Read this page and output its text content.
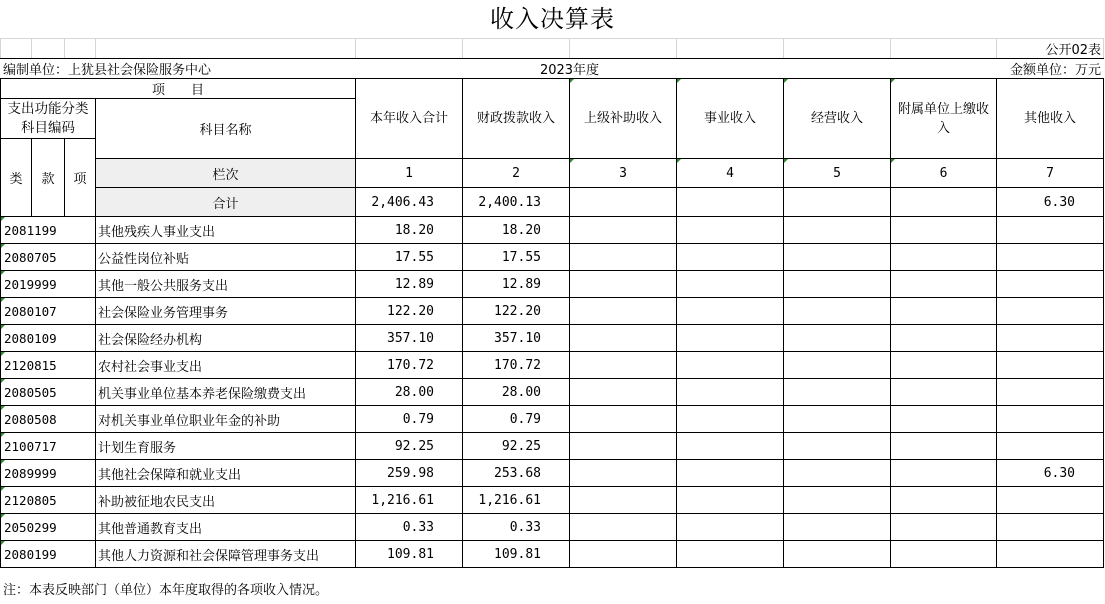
收入决算表
										公开02表
编制单位：上犹县社会保险服务中心					2023年度					金额单位：万元
项　　目				本年收入合计	财政拨款收入	上级补助收入	事业收入	经营收入	附属单位上缴收入	其他收入
支出功能分类科目编码			科目名称							
类	款	项								
			栏次	1	2	3	4	5	6	7
			合计	2,406.43	2,400.13					6.30
2081199			其他残疾人事业支出	18.20	18.20					
2080705			公益性岗位补贴	17.55	17.55					
2019999			其他一般公共服务支出	12.89	12.89					
2080107			社会保险业务管理事务	122.20	122.20					
2080109			社会保险经办机构	357.10	357.10					
2120815			农村社会事业支出	170.72	170.72					
2080505			机关事业单位基本养老保险缴费支出	28.00	28.00					
2080508			对机关事业单位职业年金的补助	0.79	0.79					
2100717			计划生育服务	92.25	92.25					
2089999			其他社会保障和就业支出	259.98	253.68					6.30
2120805			补助被征地农民支出	1,216.61	1,216.61					
2050299			其他普通教育支出	0.33	0.33					
2080199			其他人力资源和社会保障管理事务支出	109.81	109.81					
注：本表反映部门（单位）本年度取得的各项收入情况。
